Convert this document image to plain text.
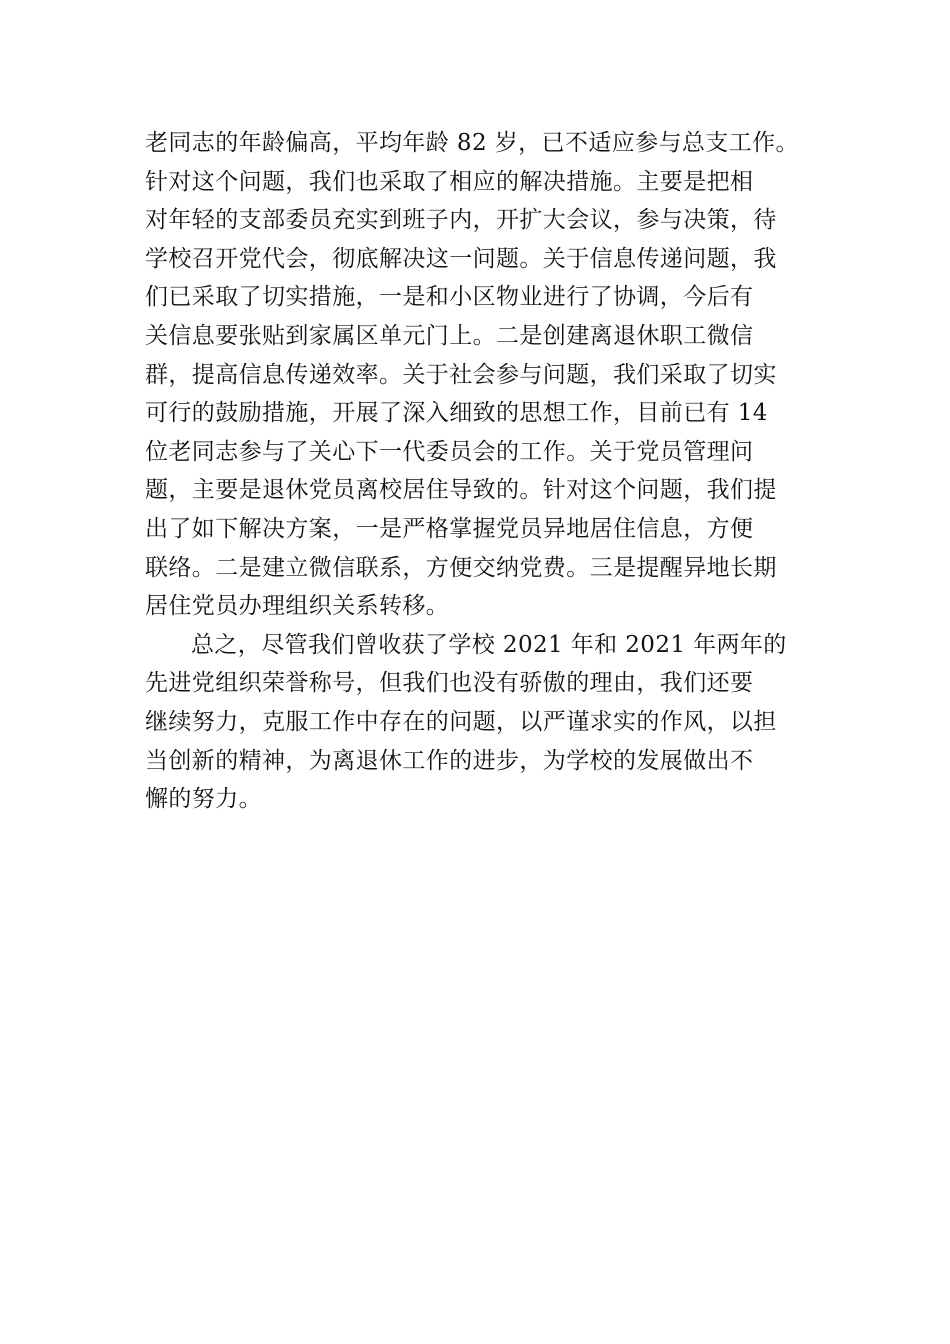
老同志的年龄偏高，平均年龄 82 岁，已不适应参与总支工作。
针对这个问题，我们也采取了相应的解决措施。主要是把相
对年轻的支部委员充实到班子内，开扩大会议，参与决策，待
学校召开党代会，彻底解决这一问题。关于信息传递问题，我
们已采取了切实措施，一是和小区物业进行了协调，今后有
关信息要张贴到家属区单元门上。二是创建离退休职工微信
群，提高信息传递效率。关于社会参与问题，我们采取了切实
可行的鼓励措施，开展了深入细致的思想工作，目前已有 14
位老同志参与了关心下一代委员会的工作。关于党员管理问
题，主要是退休党员离校居住导致的。针对这个问题，我们提
出了如下解决方案，一是严格掌握党员异地居住信息，方便
联络。二是建立微信联系，方便交纳党费。三是提醒异地长期
居住党员办理组织关系转移。
总之，尽管我们曾收获了学校 2021 年和 2021 年两年的
先进党组织荣誉称号，但我们也没有骄傲的理由，我们还要
继续努力，克服工作中存在的问题，以严谨求实的作风，以担
当创新的精神，为离退休工作的进步，为学校的发展做出不
懈的努力。
